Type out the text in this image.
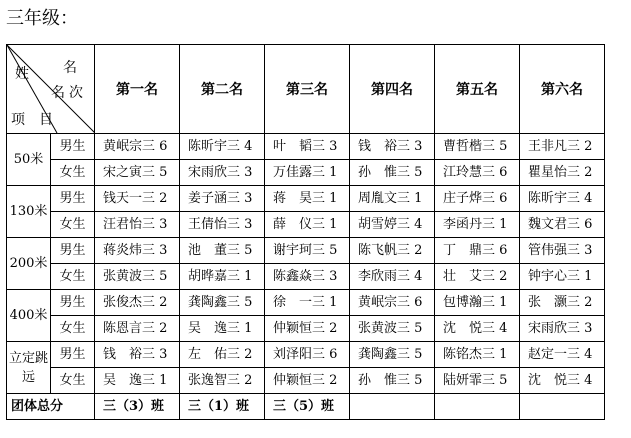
三年级：
名
姓
名 次
项　目		第一名	第二名	第三名	第四名	第五名	第六名
50米	男生	黄岷宗三 6	陈昕宇三 4	叶　韬三 3	钱　裕三 3	曹哲楷三 5	王非凡三 2
	女生	宋之寅三 5	宋雨欣三 3	万佳露三 1	孙　惟三 5	江玲慧三 6	瞿星怡三 2
130米	男生	钱天一三 2	姜子涵三 3	蒋　昊三 1	周胤文三 1	庄子烨三 6	陈昕宇三 4
	女生	汪君怡三 3	王倩怡三 3	薛　仪三 1	胡雪婷三 4	李函丹三 1	魏文君三 6
200米	男生	蒋炎炜三 3	池　董三 5	谢宇珂三 5	陈飞帆三 2	丁　鼎三 6	管伟强三 3
	女生	张黄波三 5	胡晔嘉三 1	陈鑫焱三 3	李欣雨三 4	壮　艾三 2	钟宇心三 1
400米	男生	张俊杰三 2	龚陶鑫三 5	徐　一三 1	黄岷宗三 6	包博瀚三 1	张　灏三 2
	女生	陈恩言三 2	吴　逸三 1	仲颖恒三 2	张黄波三 5	沈　悦三 4	宋雨欣三 3
立定跳远	男生	钱　裕三 3	左　佑三 2	刘泽阳三 6	龚陶鑫三 5	陈铭杰三 1	赵定一三 4
	女生	吴　逸三 1	张逸智三 2	仲颖恒三 2	孙　惟三 5	陆妍霏三 5	沈　悦三 4
团体总分		三（3）班	三（1）班	三（5）班			
